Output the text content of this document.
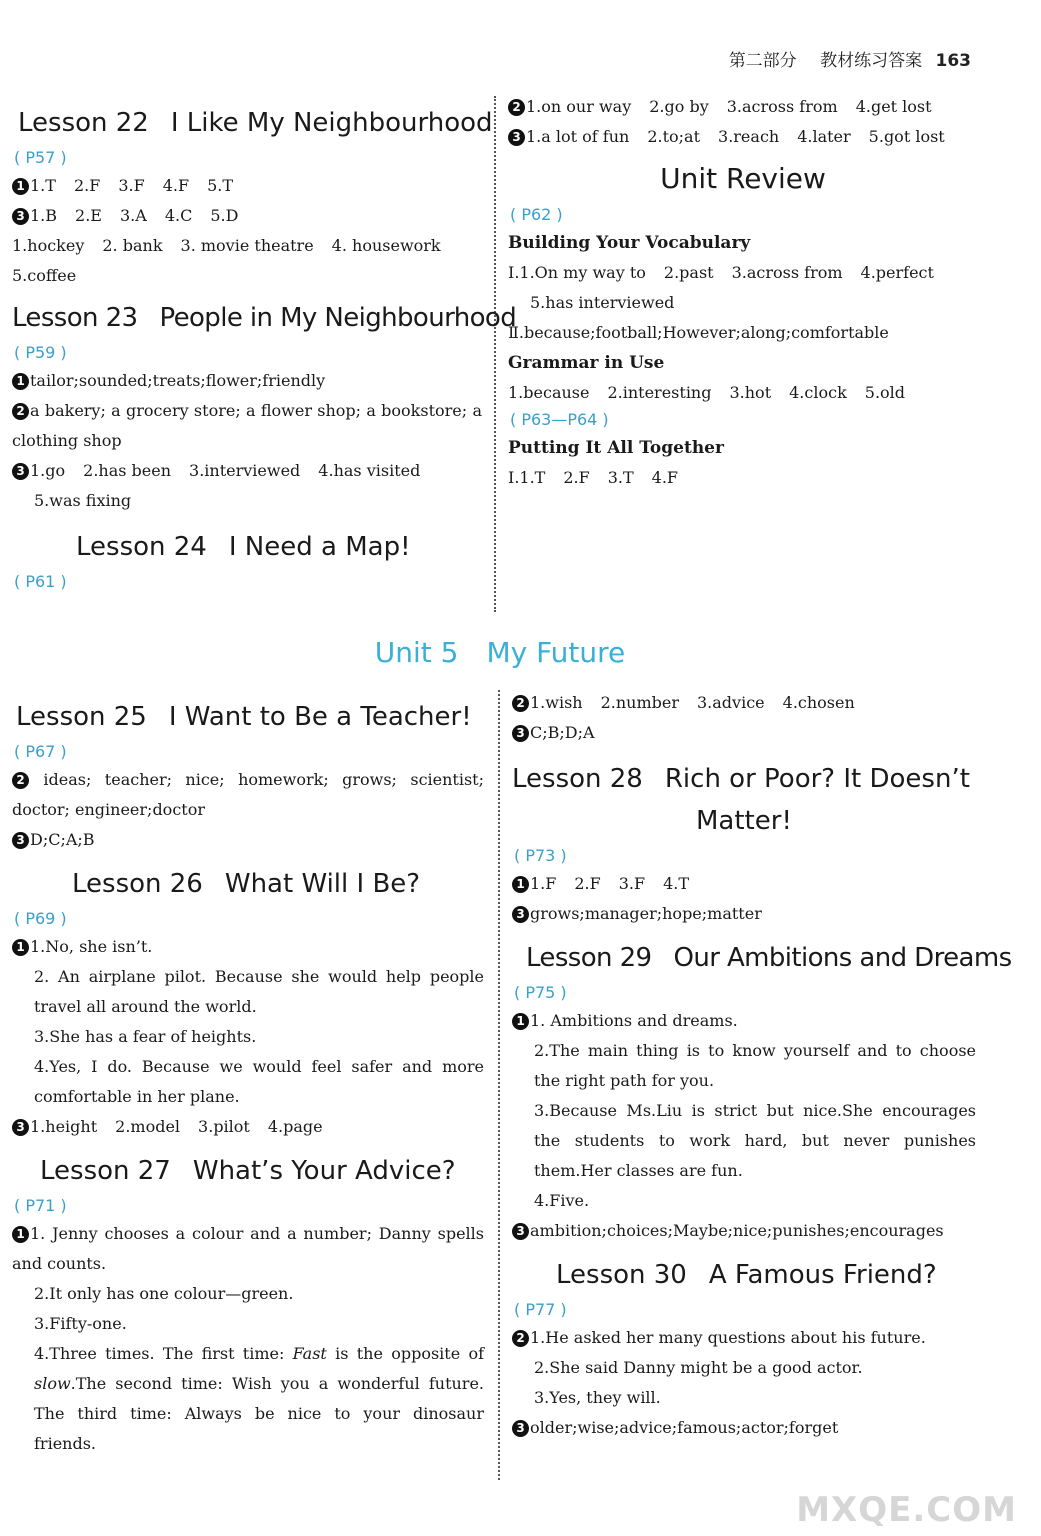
第二部分 教材练习答案 163
Lesson 22 I Like My Neighbourhood
( P57 )
1 1.T 2.F 3.F 4.F 5.T
3 1.B 2.E 3.A 4.C 5.D
1.hockey 2. bank 3. movie theatre 4. housework
5.coffee
Lesson 23 People in My Neighbourhood
( P59 )
1 tailor;sounded;treats;flower;friendly
2 a bakery; a grocery store; a flower shop; a bookstore; a clothing shop
3 1.go 2.has been 3.interviewed 4.has visited
5.was fixing
Lesson 24 I Need a Map!
( P61 )
2 1.on our way 2.go by 3.across from 4.get lost
3 1.a lot of fun 2.to;at 3.reach 4.later 5.got lost
Unit Review
( P62 )
Building Your Vocabulary
Ⅰ.1.On my way to 2.past 3.across from 4.perfect
5.has interviewed
Ⅱ.because;football;However;along;comfortable
Grammar in Use
1.because 2.interesting 3.hot 4.clock 5.old
( P63—P64 )
Putting It All Together
Ⅰ.1.T 2.F 3.T 4.F
Unit 5 My Future
Lesson 25 I Want to Be a Teacher!
( P67 )
2 ideas; teacher; nice; homework; grows; scientist; doctor; engineer;doctor
3 D;C;A;B
Lesson 26 What Will I Be?
( P69 )
1 1.No, she isn’t.
2. An airplane pilot. Because she would help people travel all around the world.
3.She has a fear of heights.
4.Yes, I do. Because we would feel safer and more comfortable in her plane.
3 1.height 2.model 3.pilot 4.page
Lesson 27 What’s Your Advice?
( P71 )
1 1. Jenny chooses a colour and a number; Danny spells and counts.
2.It only has one colour—green.
3.Fifty-one.
4.Three times. The first time: Fast is the opposite of slow.The second time: Wish you a wonderful future. The third time: Always be nice to your dinosaur friends.
2 1.wish 2.number 3.advice 4.chosen
3 C;B;D;A
Lesson 28 Rich or Poor? It Doesn’t
Matter!
( P73 )
1 1.F 2.F 3.F 4.T
3 grows;manager;hope;matter
Lesson 29 Our Ambitions and Dreams
( P75 )
1 1. Ambitions and dreams.
2.The main thing is to know yourself and to choose the right path for you.
3.Because Ms.Liu is strict but nice.She encourages the students to work hard, but never punishes them.Her classes are fun.
4.Five.
3 ambition;choices;Maybe;nice;punishes;encourages
Lesson 30 A Famous Friend?
( P77 )
2 1.He asked her many questions about his future.
2.She said Danny might be a good actor.
3.Yes, they will.
3 older;wise;advice;famous;actor;forget
MXQE.COM
